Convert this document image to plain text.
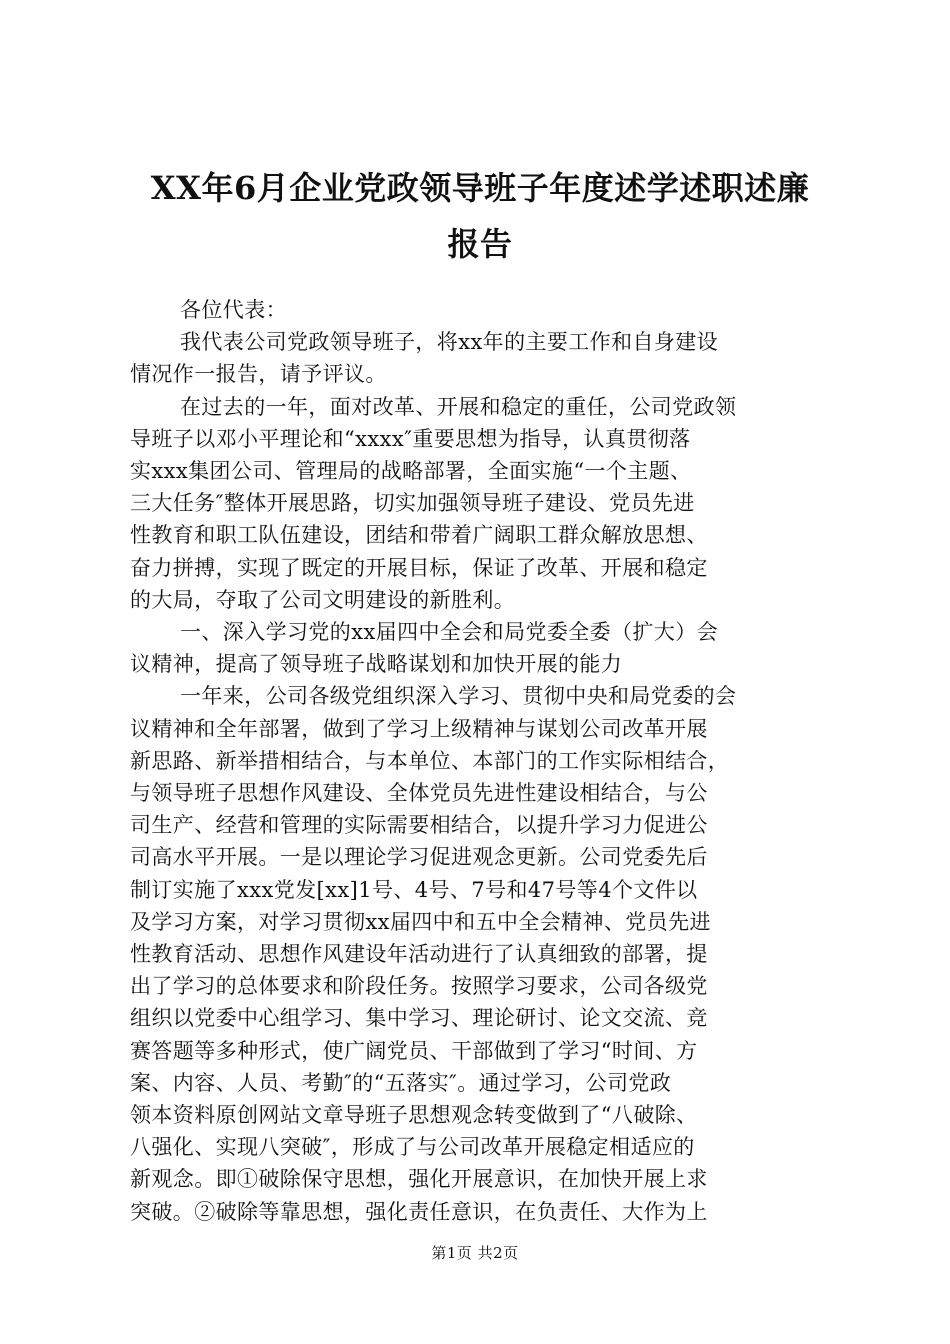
XX年6月企业党政领导班子年度述学述职述廉
报告

各位代表：

我代表公司党政领导班子，将xx年的主要工作和自身建设
情况作一报告，请予评议。

在过去的一年，面对改革、开展和稳定的重任，公司党政领
导班子以邓小平理论和“xxxx″重要思想为指导，认真贯彻落
实xxx集团公司、管理局的战略部署，全面实施“一个主题、
三大任务″整体开展思路，切实加强领导班子建设、党员先进
性教育和职工队伍建设，团结和带着广阔职工群众解放思想、
奋力拼搏，实现了既定的开展目标，保证了改革、开展和稳定
的大局，夺取了公司文明建设的新胜利。

一、深入学习党的xx届四中全会和局党委全委（扩大）会
议精神，提高了领导班子战略谋划和加快开展的能力

一年来，公司各级党组织深入学习、贯彻中央和局党委的会
议精神和全年部署，做到了学习上级精神与谋划公司改革开展
新思路、新举措相结合，与本单位、本部门的工作实际相结合，
与领导班子思想作风建设、全体党员先进性建设相结合，与公
司生产、经营和管理的实际需要相结合，以提升学习力促进公
司高水平开展。一是以理论学习促进观念更新。公司党委先后
制订实施了xxx党发[xx]1号、4号、7号和47号等4个文件以
及学习方案，对学习贯彻xx届四中和五中全会精神、党员先进
性教育活动、思想作风建设年活动进行了认真细致的部署，提
出了学习的总体要求和阶段任务。按照学习要求，公司各级党
组织以党委中心组学习、集中学习、理论研讨、论文交流、竞
赛答题等多种形式，使广阔党员、干部做到了学习“时间、方
案、内容、人员、考勤″的“五落实″。通过学习，公司党政
领本资料原创网站文章导班子思想观念转变做到了“八破除、
八强化、实现八突破″，形成了与公司改革开展稳定相适应的
新观念。即①破除保守思想，强化开展意识，在加快开展上求
突破。②破除等靠思想，强化责任意识，在负责任、大作为上

第1页 共2页
